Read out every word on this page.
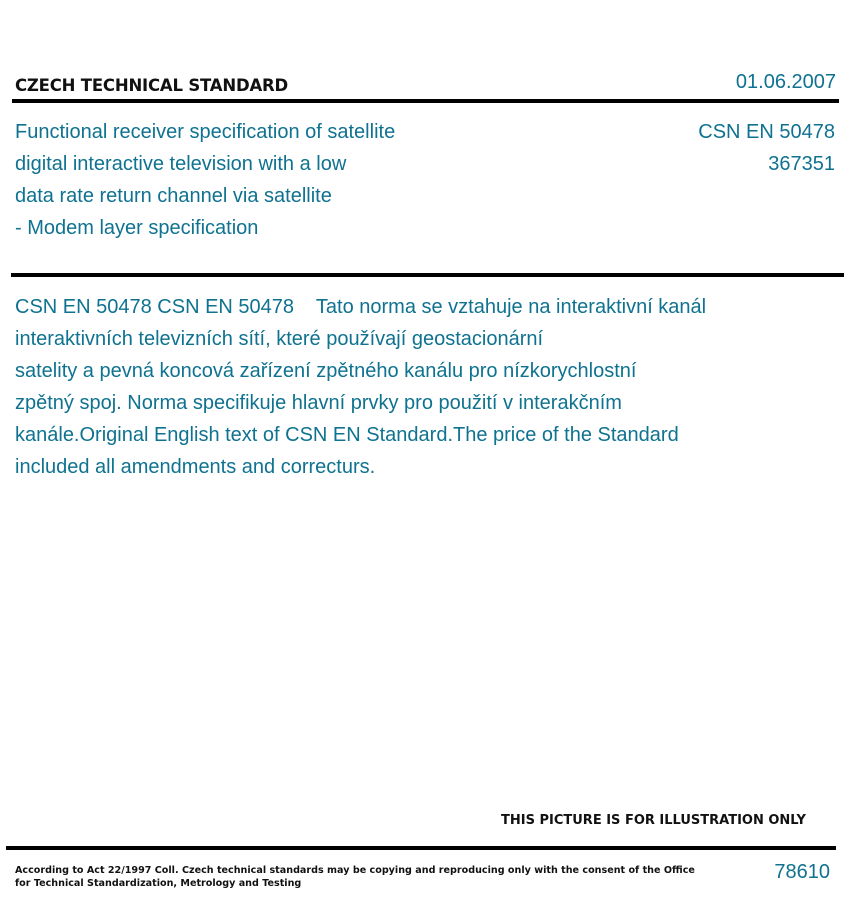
CZECH TECHNICAL STANDARD	01.06.2007
Functional receiver specification of satellite
digital interactive television with a low
data rate return channel via satellite
- Modem layer specification
CSN EN 50478
367351
CSN EN 50478 CSN EN 50478    Tato norma se vztahuje na interaktivní kanál
interaktivních televizních sítí, které používají geostacionární
satelity a pevná koncová zařízení zpětného kanálu pro nízkorychlostní
zpětný spoj. Norma specifikuje hlavní prvky pro použití v interakčním
kanále.Original English text of CSN EN Standard.The price of the Standard
included all amendments and correcturs.
THIS PICTURE IS FOR ILLUSTRATION ONLY
According to Act 22/1997 Coll. Czech technical standards may be copying and reproducing only with the consent of the Office
for Technical Standardization, Metrology and Testing
78610
